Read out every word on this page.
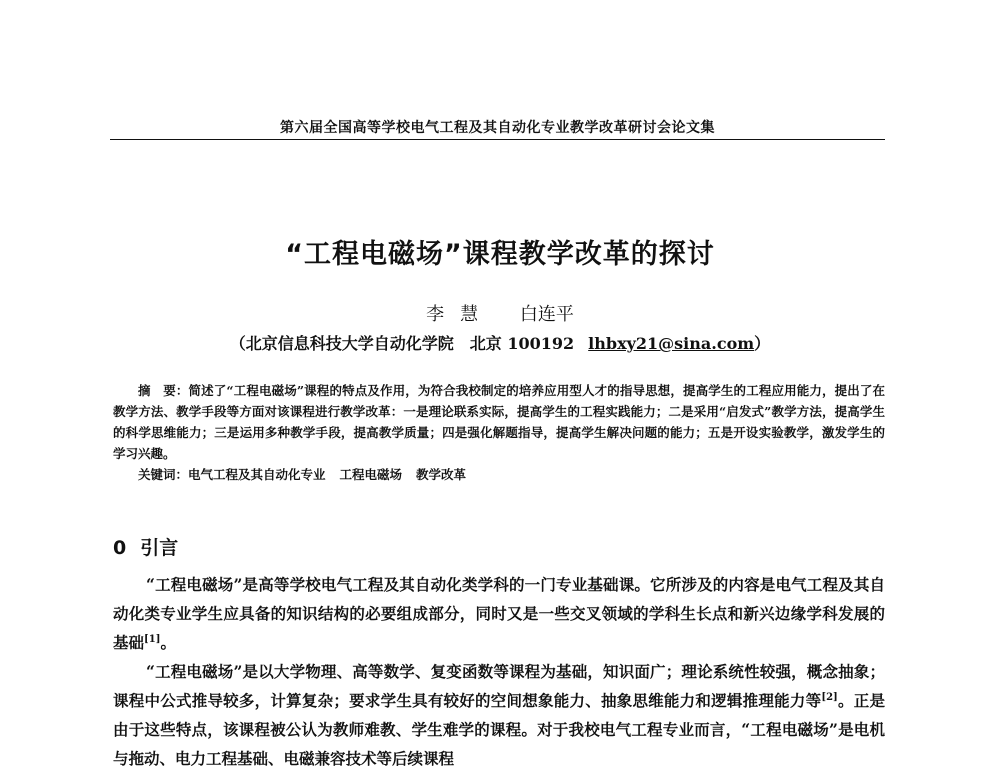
第六届全国高等学校电气工程及其自动化专业教学改革研讨会论文集
“工程电磁场”课程教学改革的探讨
李慧 白连平
（北京信息科技大学自动化学院　北京 100192 lhbxy21@sina.com）
摘　要：简述了“工程电磁场”课程的特点及作用，为符合我校制定的培养应用型人才的指导思想，提高学生的工程应用能力，提出了在教学方法、教学手段等方面对该课程进行教学改革：一是理论联系实际，提高学生的工程实践能力；二是采用“启发式”教学方法，提高学生的科学思维能力；三是运用多种教学手段，提高教学质量；四是强化解题指导，提高学生解决问题的能力；五是开设实验教学，激发学生的学习兴趣。
关键词：电气工程及其自动化专业 工程电磁场 教学改革
0 引言
“工程电磁场”是高等学校电气工程及其自动化类学科的一门专业基础课。它所涉及的内容是电气工程及其自动化类专业学生应具备的知识结构的必要组成部分，同时又是一些交叉领域的学科生长点和新兴边缘学科发展的基础[1]。
“工程电磁场”是以大学物理、高等数学、复变函数等课程为基础，知识面广；理论系统性较强，概念抽象；课程中公式推导较多，计算复杂；要求学生具有较好的空间想象能力、抽象思维能力和逻辑推理能力等[2]。正是由于这些特点，该课程被公认为教师难教、学生难学的课程。对于我校电气工程专业而言，“工程电磁场”是电机与拖动、电力工程基础、电磁兼容技术等后续课程
